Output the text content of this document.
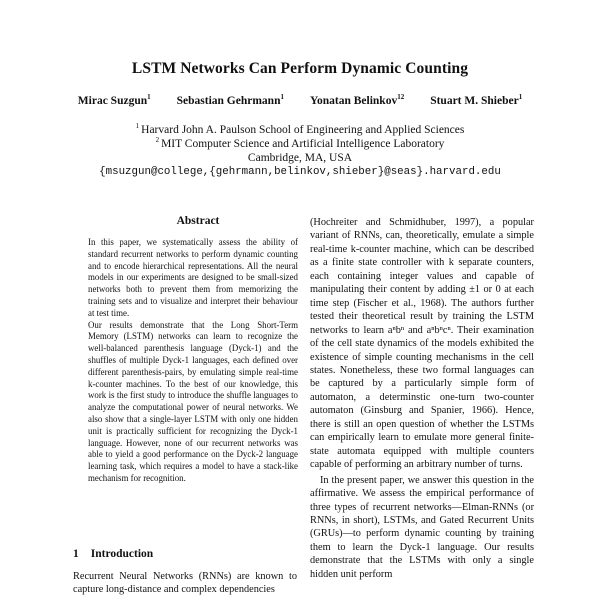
LSTM Networks Can Perform Dynamic Counting
Mirac Suzgun$^1$ Sebastian Gehrmann$^1$ Yonatan Belinkov$^{12}$ Stuart M. Shieber$^1$
$^1$ Harvard John A. Paulson School of Engineering and Applied Sciences
$^2$ MIT Computer Science and Artificial Intelligence Laboratory
Cambridge, MA, USA
{msuzgun@college,{gehrmann,belinkov,shieber}@seas}.harvard.edu
Abstract

In this paper, we systematically assess the ability of standard recurrent networks to perform dynamic counting and to encode hierarchical representations. All the neural models in our experiments are designed to be small-sized networks both to prevent them from memorizing the training sets and to visualize and interpret their behaviour at test time.

Our results demonstrate that the Long Short-Term Memory (LSTM) networks can learn to recognize the well-balanced parenthesis language (Dyck-1) and the shuffles of multiple Dyck-1 languages, each defined over different parenthesis-pairs, by emulating simple real-time k-counter machines. To the best of our knowledge, this work is the first study to introduce the shuffle languages to analyze the computational power of neural networks. We also show that a single-layer LSTM with only one hidden unit is practically sufficient for recognizing the Dyck-1 language. However, none of our recurrent networks was able to yield a good performance on the Dyck-2 language learning task, which requires a model to have a stack-like mechanism for recognition.

1 Introduction

Recurrent Neural Networks (RNNs) are known to capture long-distance and complex dependencies

(Hochreiter and Schmidhuber, 1997), a popular variant of RNNs, can, theoretically, emulate a simple real-time k-counter machine, which can be described as a finite state controller with k separate counters, each containing integer values and capable of manipulating their content by adding ±1 or 0 at each time step (Fischer et al., 1968). The authors further tested their theoretical result by training the LSTM networks to learn aⁿbⁿ and aⁿbⁿcⁿ. Their examination of the cell state dynamics of the models exhibited the existence of simple counting mechanisms in the cell states. Nonetheless, these two formal languages can be captured by a particularly simple form of automaton, a determinstic one-turn two-counter automaton (Ginsburg and Spanier, 1966). Hence, there is still an open question of whether the LSTMs can empirically learn to emulate more general finite-state automata equipped with multiple counters capable of performing an arbitrary number of turns.

In the present paper, we answer this question in the affirmative. We assess the empirical performance of three types of recurrent networks—Elman-RNNs (or RNNs, in short), LSTMs, and Gated Recurrent Units (GRUs)—to perform dynamic counting by training them to learn the Dyck-1 language. Our results demonstrate that the LSTMs with only a single hidden unit perform
